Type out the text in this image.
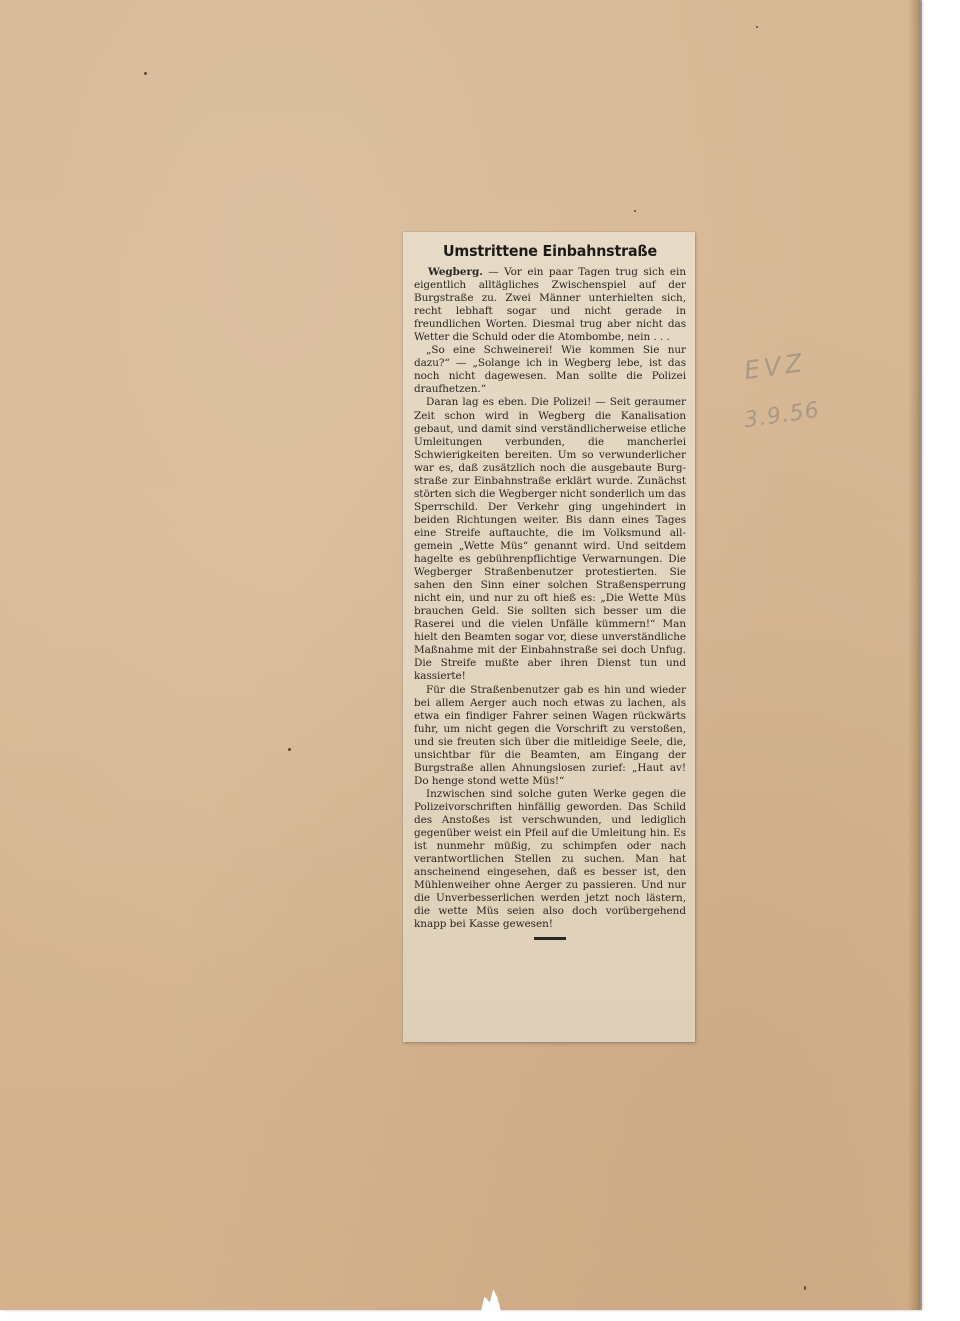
Umstrittene Einbahnstraße

Wegberg. — Vor ein paar Tagen trug sich ein eigentlich alltägliches Zwischenspiel auf der Burgstraße zu. Zwei Männer unterhielten sich, recht lebhaft sogar und nicht gerade in freundlichen Worten. Diesmal trug aber nicht das Wetter die Schuld oder die Atombombe, nein . . .

„So eine Schweinerei! Wie kommen Sie nur dazu?“ — „Solange ich in Wegberg lebe, ist das noch nicht dagewesen. Man sollte die Polizei draufhetzen.“

Daran lag es eben. Die Polizei! — Seit geraumer Zeit schon wird in Wegberg die Kanalisation gebaut, und damit sind verständlicherweise etliche Umleitungen verbunden, die mancherlei Schwierigkeiten bereiten. Um so verwunderlicher war es, daß zusätzlich noch die ausgebaute Burgstraße zur Einbahnstraße erklärt wurde. Zunächst störten sich die Wegberger nicht sonderlich um das Sperrschild. Der Verkehr ging ungehindert in beiden Richtungen weiter. Bis dann eines Tages eine Streife auftauchte, die im Volksmund allgemein „Wette Müs“ genannt wird. Und seitdem hagelte es gebührenpflichtige Verwarnungen. Die Wegberger Straßenbenutzer protestierten. Sie sahen den Sinn einer solchen Straßensperrung nicht ein, und nur zu oft hieß es: „Die Wette Müs brauchen Geld. Sie sollten sich besser um die Raserei und die vielen Unfälle kümmern!“ Man hielt den Beamten sogar vor, diese unverständliche Maßnahme mit der Einbahnstraße sei doch Unfug. Die Streife mußte aber ihren Dienst tun und kassierte!

Für die Straßenbenutzer gab es hin und wieder bei allem Aerger auch noch etwas zu lachen, als etwa ein findiger Fahrer seinen Wagen rückwärts fuhr, um nicht gegen die Vorschrift zu verstoßen, und sie freuten sich über die mitleidige Seele, die, unsichtbar für die Beamten, am Eingang der Burgstraße allen Ahnungslosen zurief: „Haut av! Do henge stond wette Müs!“

Inzwischen sind solche guten Werke gegen die Polizeivorschriften hinfällig geworden. Das Schild des Anstoßes ist verschwunden, und lediglich gegenüber weist ein Pfeil auf die Umleitung hin. Es ist nunmehr müßig, zu schimpfen oder nach verantwortlichen Stellen zu suchen. Man hat anscheinend eingesehen, daß es besser ist, den Mühlenweiher ohne Aerger zu passieren. Und nur die Unverbesserlichen werden jetzt noch lästern, die wette Müs seien also doch vorübergehend knapp bei Kasse gewesen!

EVZ
3.9.56
